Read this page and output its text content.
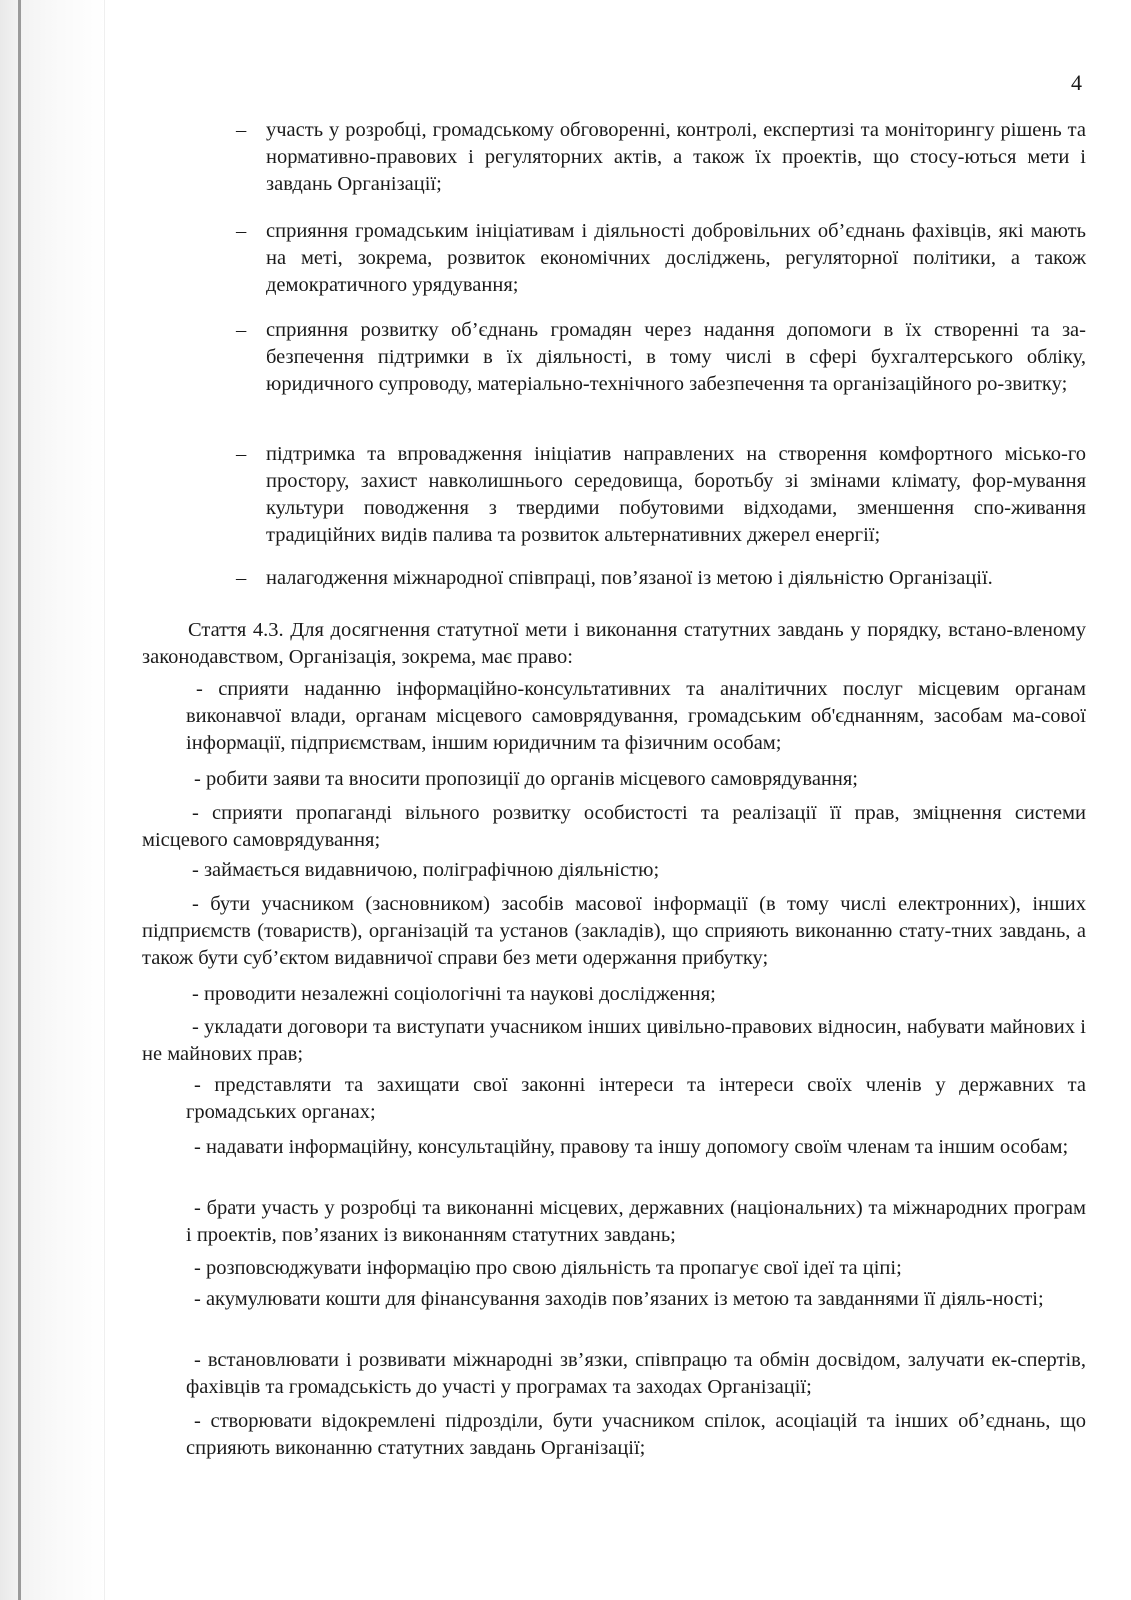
4
– участь у розробці, громадському обговоренні, контролі, експертизі та моніторингу рішень та нормативно-правових і регуляторних актів, а також їх проектів, що стосу-ються мети і завдань Організації;
– сприяння громадським ініціативам і діяльності добровільних об’єднань фахівців, які мають на меті, зокрема, розвиток економічних досліджень, регуляторної політики, а також демократичного урядування;
– сприяння розвитку об’єднань громадян через надання допомоги в їх створенні та за-безпечення підтримки в їх діяльності, в тому числі в сфері бухгалтерського обліку, юридичного супроводу, матеріально-технічного забезпечення та організаційного ро-звитку;
– підтримка та впровадження ініціатив направлених на створення комфортного місько-го простору, захист навколишнього середовища, боротьбу зі змінами клімату, фор-мування культури поводження з твердими побутовими відходами, зменшення спо-живання традиційних видів палива та розвиток альтернативних джерел енергії;
– налагодження міжнародної співпраці, пов’язаної із метою і діяльністю Організації.
Стаття 4.3. Для досягнення статутної мети і виконання статутних завдань у порядку, встано-вленому законодавством, Організація, зокрема, має право:
- сприяти наданню інформаційно-консультативних та аналітичних послуг місцевим органам виконавчої влади, органам місцевого самоврядування, громадським об'єднанням, засобам ма-сової інформації, підприємствам, іншим юридичним та фізичним особам;
- робити заяви та вносити пропозиції до органів місцевого самоврядування;
- сприяти пропаганді вільного розвитку особистості та реалізації її прав, зміцнення системи місцевого самоврядування;
- займається видавничою, поліграфічною діяльністю;
- бути учасником (засновником) засобів масової інформації (в тому числі електронних), інших підприємств (товариств), організацій та установ (закладів), що сприяють виконанню стату-тних завдань, а також бути суб’єктом видавничої справи без мети одержання прибутку;
- проводити незалежні соціологічні та наукові дослідження;
- укладати договори та виступати учасником інших цивільно-правових відносин, набувати майнових і не майнових прав;
- представляти та захищати свої законні інтереси та інтереси своїх членів у державних та громадських органах;
- надавати інформаційну, консультаційну, правову та іншу допомогу своїм членам та іншим особам;
- брати участь у розробці та виконанні місцевих, державних (національних) та міжнародних програм і проектів, пов’язаних із виконанням статутних завдань;
- розповсюджувати інформацію про свою діяльність та пропагує свої ідеї та ціпі;
- акумулювати кошти для фінансування заходів пов’язаних із метою та завданнями її діяль-ності;
- встановлювати і розвивати міжнародні зв’язки, співпрацю та обмін досвідом, залучати ек-спертів, фахівців та громадськість до участі у програмах та заходах Організації;
- створювати відокремлені підрозділи, бути учасником спілок, асоціацій та інших об’єднань, що сприяють виконанню статутних завдань Організації;
